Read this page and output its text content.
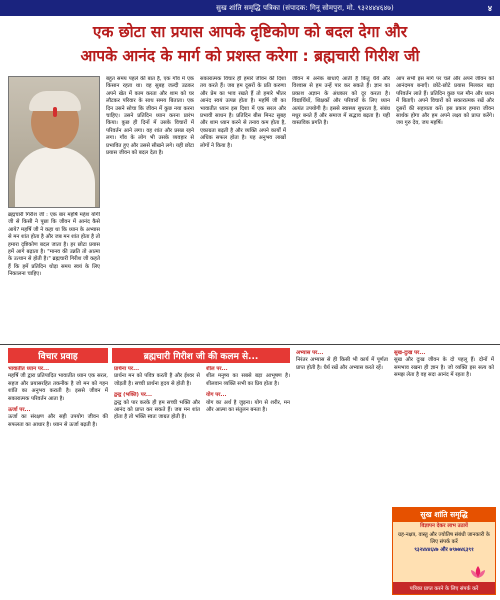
सुख शांति समृद्धि पत्रिका (संपादक: गिनू सोमपुरा, मो. ९३२४४४६४७)	४
एक छोटा सा प्रयास आपके दृष्टिकोण को बदल देगा और
आपके आनंद के मार्ग को प्रशस्त करेगा : ब्रह्मचारी गिरीश जी
ब्रह्मचारी गिरीश जी : एक बार महर्षि महेश योगी जी से किसी ने पूछा कि जीवन में आनंद कैसे आये? महर्षि जी ने कहा था कि ध्यान के अभ्यास से मन शांत होता है और जब मन शांत होता है तो हमारा दृष्टिकोण बदल जाता है। हर छोटा प्रयास हमें आगे बढ़ाता है। "मानव की उन्नति तो आत्मा के उत्थान से होती है।" ब्रह्मचारी गिरीश जी कहते हैं कि हमें प्रतिदिन थोड़ा समय स्वयं के लिए निकालना चाहिए।
बहुत समय पहले की बात है, एक गाँव में एक किसान रहता था। वह सुबह जल्दी उठकर अपने खेत में काम करता और शाम को घर लौटकर परिवार के साथ समय बिताता। एक दिन उसने सोचा कि जीवन में कुछ नया करना चाहिए। उसने प्रतिदिन ध्यान करना प्रारंभ किया। कुछ ही दिनों में उसके विचारों में परिवर्तन आने लगा। वह शांत और प्रसन्न रहने लगा। गाँव के लोग भी उसके व्यवहार से प्रभावित हुए और उससे सीखने लगे। यही छोटा प्रयास जीवन को बदल देता है।
सकारात्मक विचार ही हमारे जीवन की दिशा तय करते हैं। जब हम दूसरों के प्रति करुणा और प्रेम का भाव रखते हैं तो हमारे भीतर आनंद स्वयं उत्पन्न होता है। महर्षि जी का भावातीत ध्यान इस दिशा में एक सरल और प्रभावी साधन है। प्रतिदिन बीस मिनट सुबह और शाम ध्यान करने से तनाव कम होता है, एकाग्रता बढ़ती है और व्यक्ति अपने कार्यों में अधिक सफल होता है। यह अनुभव लाखों लोगों ने किया है।
जीवन में अनेक बाधाएँ आती हैं किंतु धैर्य और विश्वास से हम उन्हें पार कर सकते हैं। ज्ञान का प्रकाश अज्ञान के अंधकार को दूर करता है। विद्यार्थियों, शिक्षकों और परिवारों के लिए ध्यान अत्यंत उपयोगी है। इससे स्वास्थ्य सुधरता है, संबंध मधुर बनते हैं और समाज में सद्भाव बढ़ता है। यही वास्तविक प्रगति है।
आप सभी इस मार्ग पर चलें और अपने जीवन को आनंदमय बनाएँ। छोटे-छोटे प्रयास मिलकर बड़ा परिवर्तन लाते हैं। प्रतिदिन कुछ पल मौन और ध्यान में बिताएँ। अपने विचारों को सकारात्मक रखें और दूसरों की सहायता करें। इस प्रकार हमारा जीवन सार्थक होगा और हम अपने लक्ष्य को प्राप्त करेंगे। जय गुरु देव, जय महर्षि।
विचार प्रवाह	ब्रह्मचारी गिरीश जी की कलम से...
भावातीत ध्यान पर...
महर्षि जी द्वारा प्रतिपादित भावातीत ध्यान एक सरल, सहज और प्रयासरहित तकनीक है जो मन को गहन शांति का अनुभव कराती है। इससे जीवन में सकारात्मक परिवर्तन आता है।
ऊर्जा पर...
ऊर्जा का संरक्षण और सही उपयोग जीवन की सफलता का आधार है। ध्यान से ऊर्जा बढ़ती है।
प्रार्थना पर...
प्रार्थना मन को पवित्र करती है और ईश्वर से जोड़ती है। सच्ची प्रार्थना हृदय से होती है।
द्वन्द्व (भक्ति) पर...
द्वन्द्व को पार करके ही हम सच्ची भक्ति और आनंद को प्राप्त कर सकते हैं। जब मन शांत होता है तो भक्ति स्वतः जाग्रत होती है।
शील पर...
शील मनुष्य का सबसे बड़ा आभूषण है। शीलवान व्यक्ति सभी का प्रिय होता है।
योग पर...
योग का अर्थ है जुड़ना। योग से शरीर, मन और आत्मा का संतुलन बनता है।
अभ्यास पर...
निरंतर अभ्यास से ही किसी भी कार्य में पूर्णता प्राप्त होती है। धैर्य रखें और अभ्यास करते रहें।
सुख-दुःख पर...
सुख और दुःख जीवन के दो पहलू हैं। दोनों में समभाव रखना ही ज्ञान है। जो व्यक्ति इस सत्य को समझ लेता है वह सदा आनंद में रहता है।
सुख शांति समृद्धि
विज्ञापन देकर लाभ उठायें
ग्रह-नक्षत्र, वास्तु और ज्योतिष संबंधी जानकारी के लिए संपर्क करें
९३२४४४६४७ और ७९७७४६३९१
पत्रिका प्राप्त करने के लिए संपर्क करें
